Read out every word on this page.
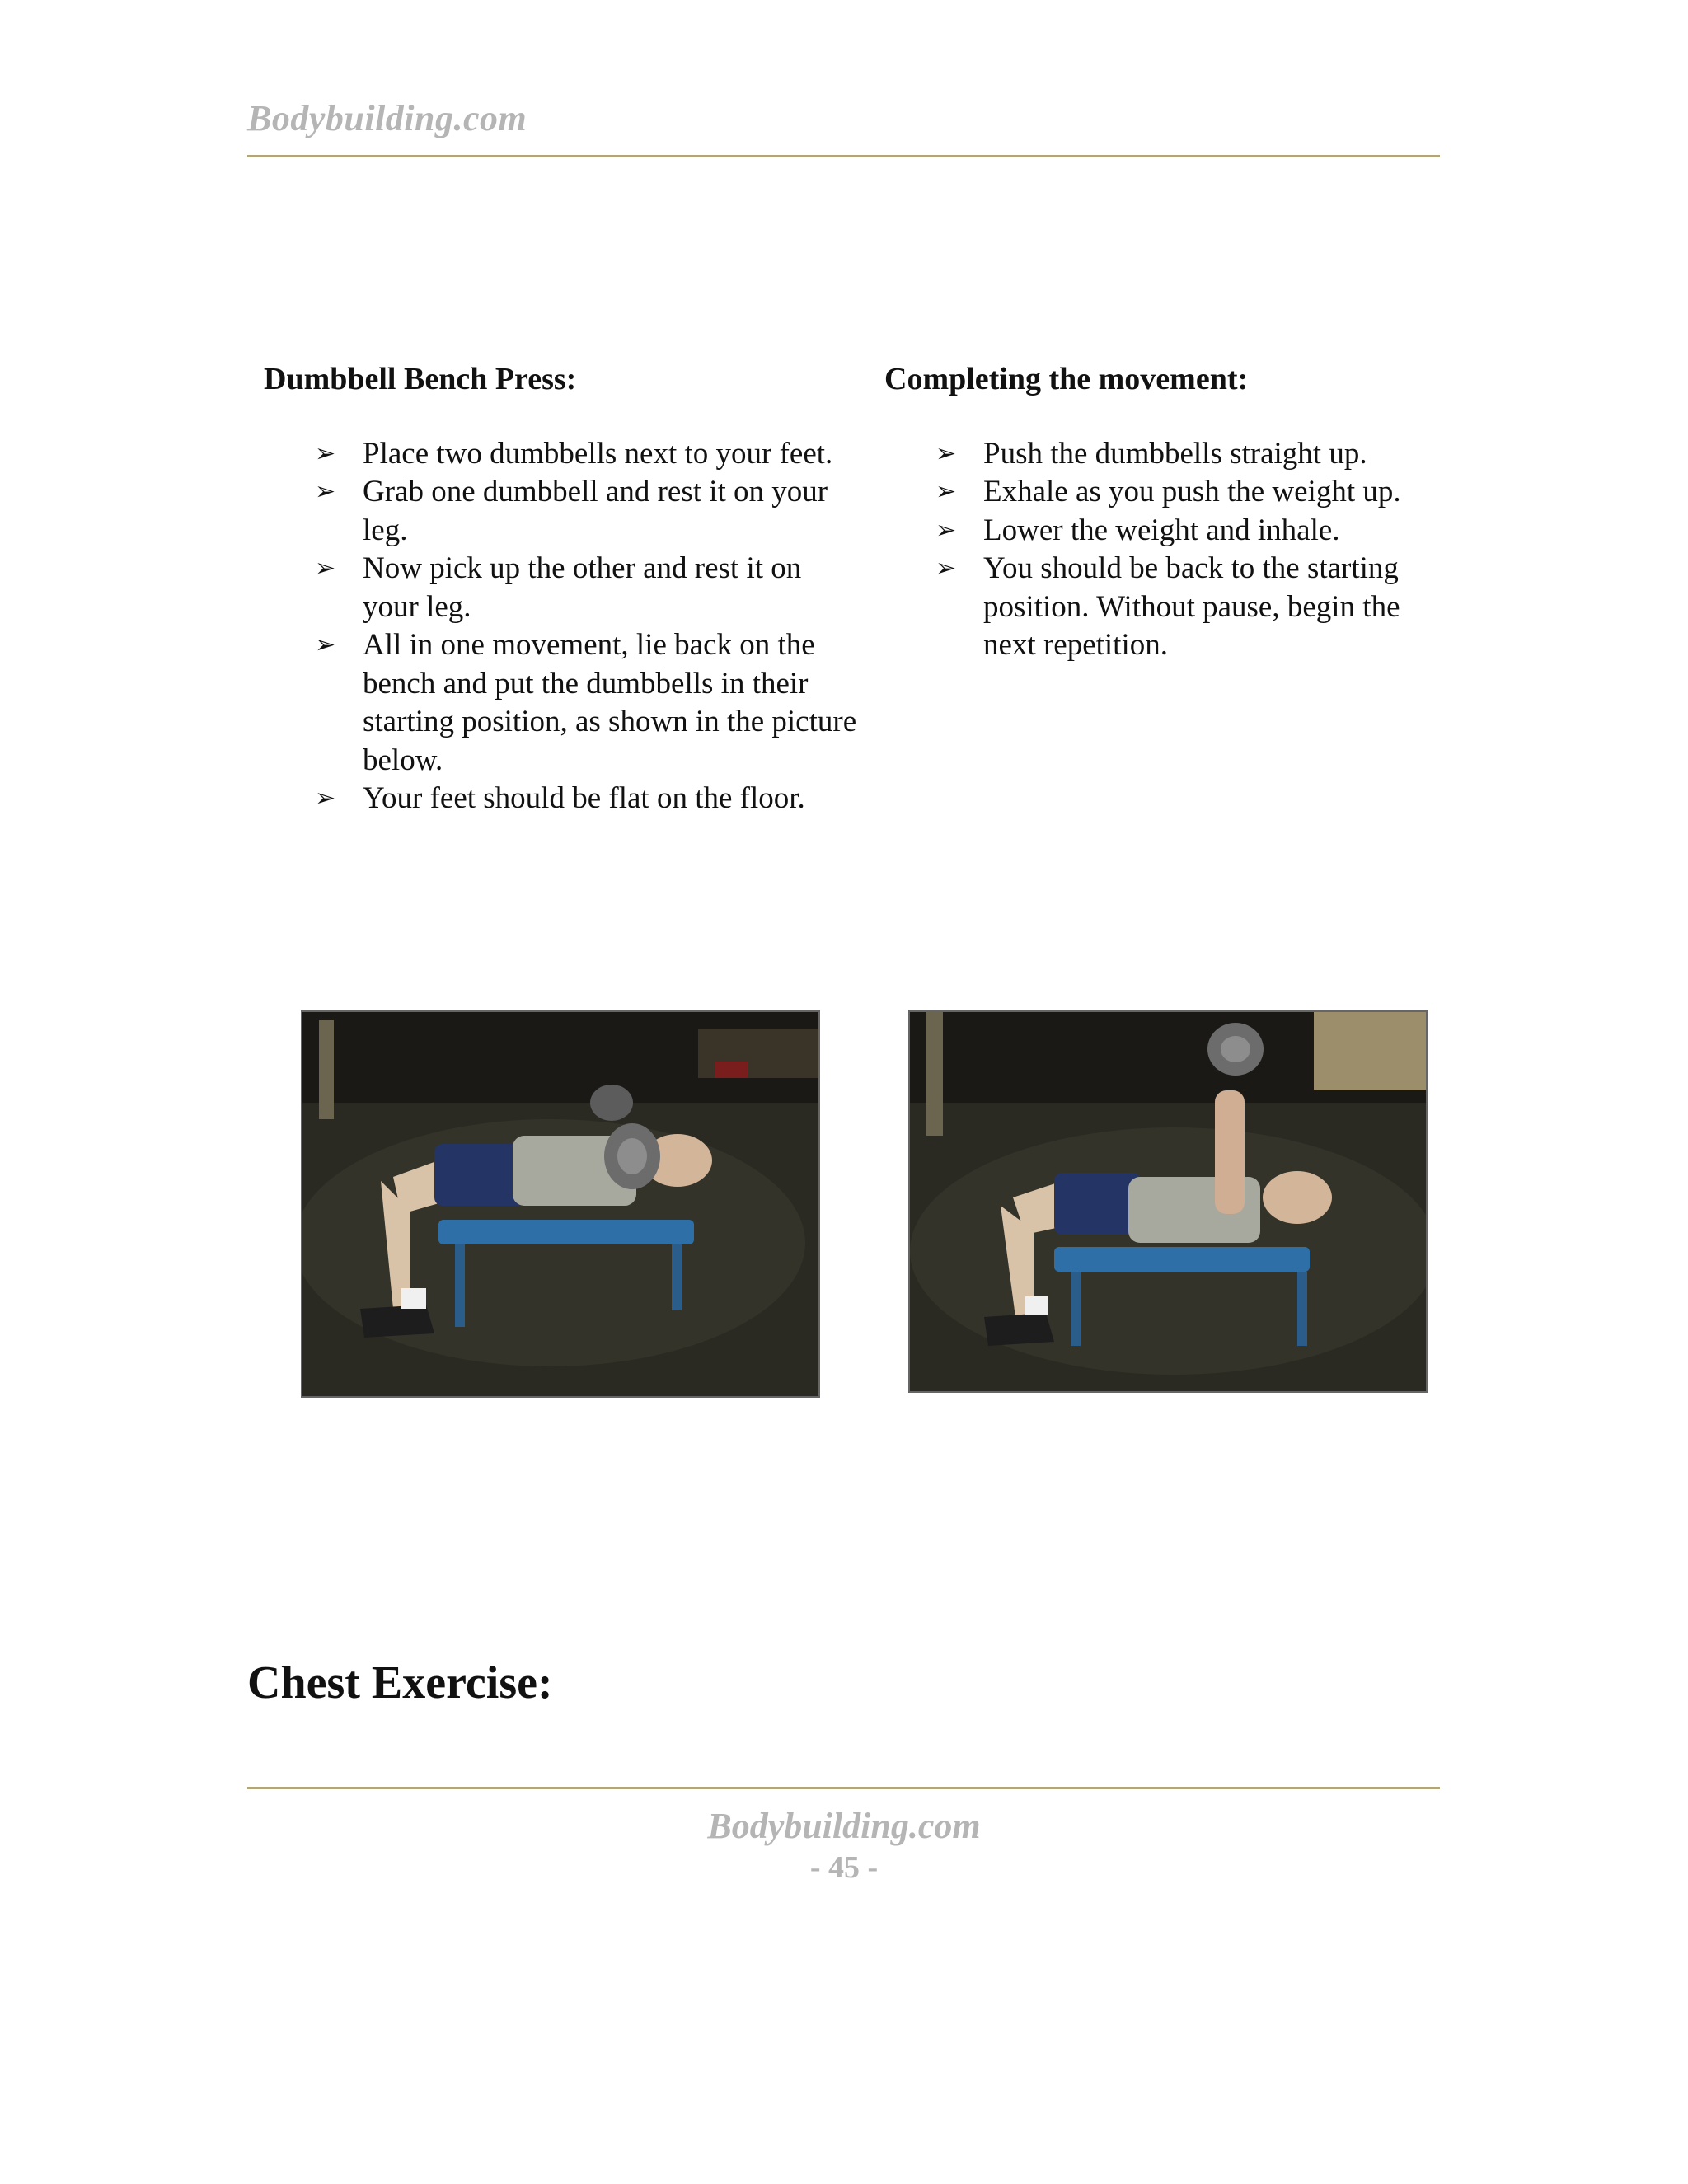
Bodybuilding.com
Dumbbell Bench Press:
➢ Place two dumbbells next to your feet.
➢ Grab one dumbbell and rest it on your leg.
➢ Now pick up the other and rest it on your leg.
➢ All in one movement, lie back on the bench and put the dumbbells in their starting position, as shown in the picture below.
➢ Your feet should be flat on the floor.
Completing the movement:
➢ Push the dumbbells straight up.
➢ Exhale as you push the weight up.
➢ Lower the weight and inhale.
➢ You should be back to the starting position. Without pause, begin the next repetition.
Chest Exercise:
Bodybuilding.com
- 45 -
